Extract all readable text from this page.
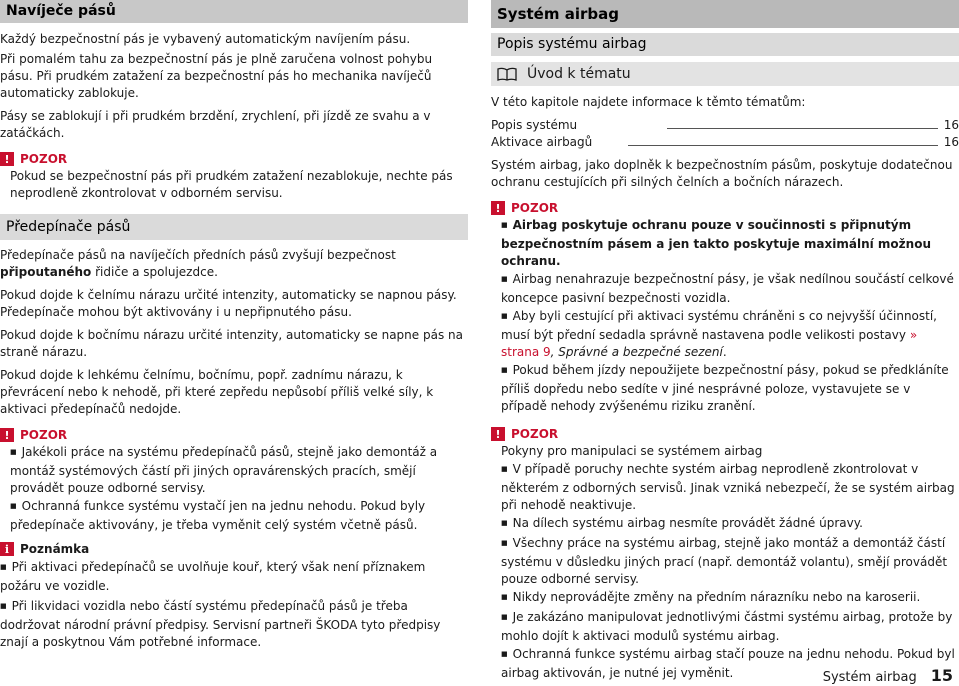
Navíječe pásů

Každý bezpečnostní pás je vybavený automatickým navíjením pásu.

Při pomalém tahu za bezpečnostní pás je plně zaručena volnost pohybu pásu. Při prudkém zatažení za bezpečnostní pás ho mechanika navíječů automaticky zablokuje.

Pásy se zablokují i při prudkém brzdění, zrychlení, při jízdě ze svahu a v zatáčkách.

! POZOR

Pokud se bezpečnostní pás při prudkém zatažení nezablokuje, nechte pás neprodleně zkontrolovat v odborném servisu.

Předepínače pásů

Předepínače pásů na navíječích předních pásů zvyšují bezpečnost připoutaného řidiče a spolujezdce.

Pokud dojde k čelnímu nárazu určité intenzity, automaticky se napnou pásy. Předepínače mohou být aktivovány i u nepřipnutého pásu.

Pokud dojde k bočnímu nárazu určité intenzity, automaticky se napne pás na straně nárazu.

Pokud dojde k lehkému čelnímu, bočnímu, popř. zadnímu nárazu, k převrácení nebo k nehodě, při které zepředu nepůsobí příliš velké síly, k aktivaci předepínačů nedojde.

! POZOR

■ Jakékoli práce na systému předepínačů pásů, stejně jako demontáž a montáž systémových částí při jiných opravárenských pracích, smějí provádět pouze odborné servisy.

■ Ochranná funkce systému vystačí jen na jednu nehodu. Pokud byly předepínače aktivovány, je třeba vyměnit celý systém včetně pásů.

i Poznámka

■ Při aktivaci předepínačů se uvolňuje kouř, který však není příznakem požáru ve vozidle.

■ Při likvidaci vozidla nebo částí systému předepínačů pásů je třeba dodržovat národní právní předpisy. Servisní partneři ŠKODA tyto předpisy znají a poskytnou Vám potřebné informace.

Systém airbag
Popis systému airbag
Úvod k tématu

V této kapitole najdete informace k těmto tématům:

Popis systému	16
Aktivace airbagů	16

Systém airbag, jako doplněk k bezpečnostním pásům, poskytuje dodatečnou ochranu cestujících při silných čelních a bočních nárazech.

! POZOR

■ Airbag poskytuje ochranu pouze v součinnosti s připnutým bezpečnostním pásem a jen takto poskytuje maximální možnou ochranu.

■ Airbag nenahrazuje bezpečnostní pásy, je však nedílnou součástí celkové koncepce pasivní bezpečnosti vozidla.

■ Aby byli cestující při aktivaci systému chráněni s co nejvyšší účinností, musí být přední sedadla správně nastavena podle velikosti postavy » strana 9, Správné a bezpečné sezení.

■ Pokud během jízdy nepoužijete bezpečnostní pásy, pokud se předkláníte příliš dopředu nebo sedíte v jiné nesprávné poloze, vystavujete se v případě nehody zvýšenému riziku zranění.

! POZOR

Pokyny pro manipulaci se systémem airbag

■ V případě poruchy nechte systém airbag neprodleně zkontrolovat v některém z odborných servisů. Jinak vzniká nebezpečí, že se systém airbag při nehodě neaktivuje.

■ Na dílech systému airbag nesmíte provádět žádné úpravy.

■ Všechny práce na systému airbag, stejně jako montáž a demontáž částí systému v důsledku jiných prací (např. demontáž volantu), smějí provádět pouze odborné servisy.

■ Nikdy neprovádějte změny na předním nárazníku nebo na karoserii.

■ Je zakázáno manipulovat jednotlivými částmi systému airbag, protože by mohlo dojít k aktivaci modulů systému airbag.

■ Ochranná funkce systému airbag stačí pouze na jednu nehodu. Pokud byl airbag aktivován, je nutné jej vyměnit.	Systém airbag 15
